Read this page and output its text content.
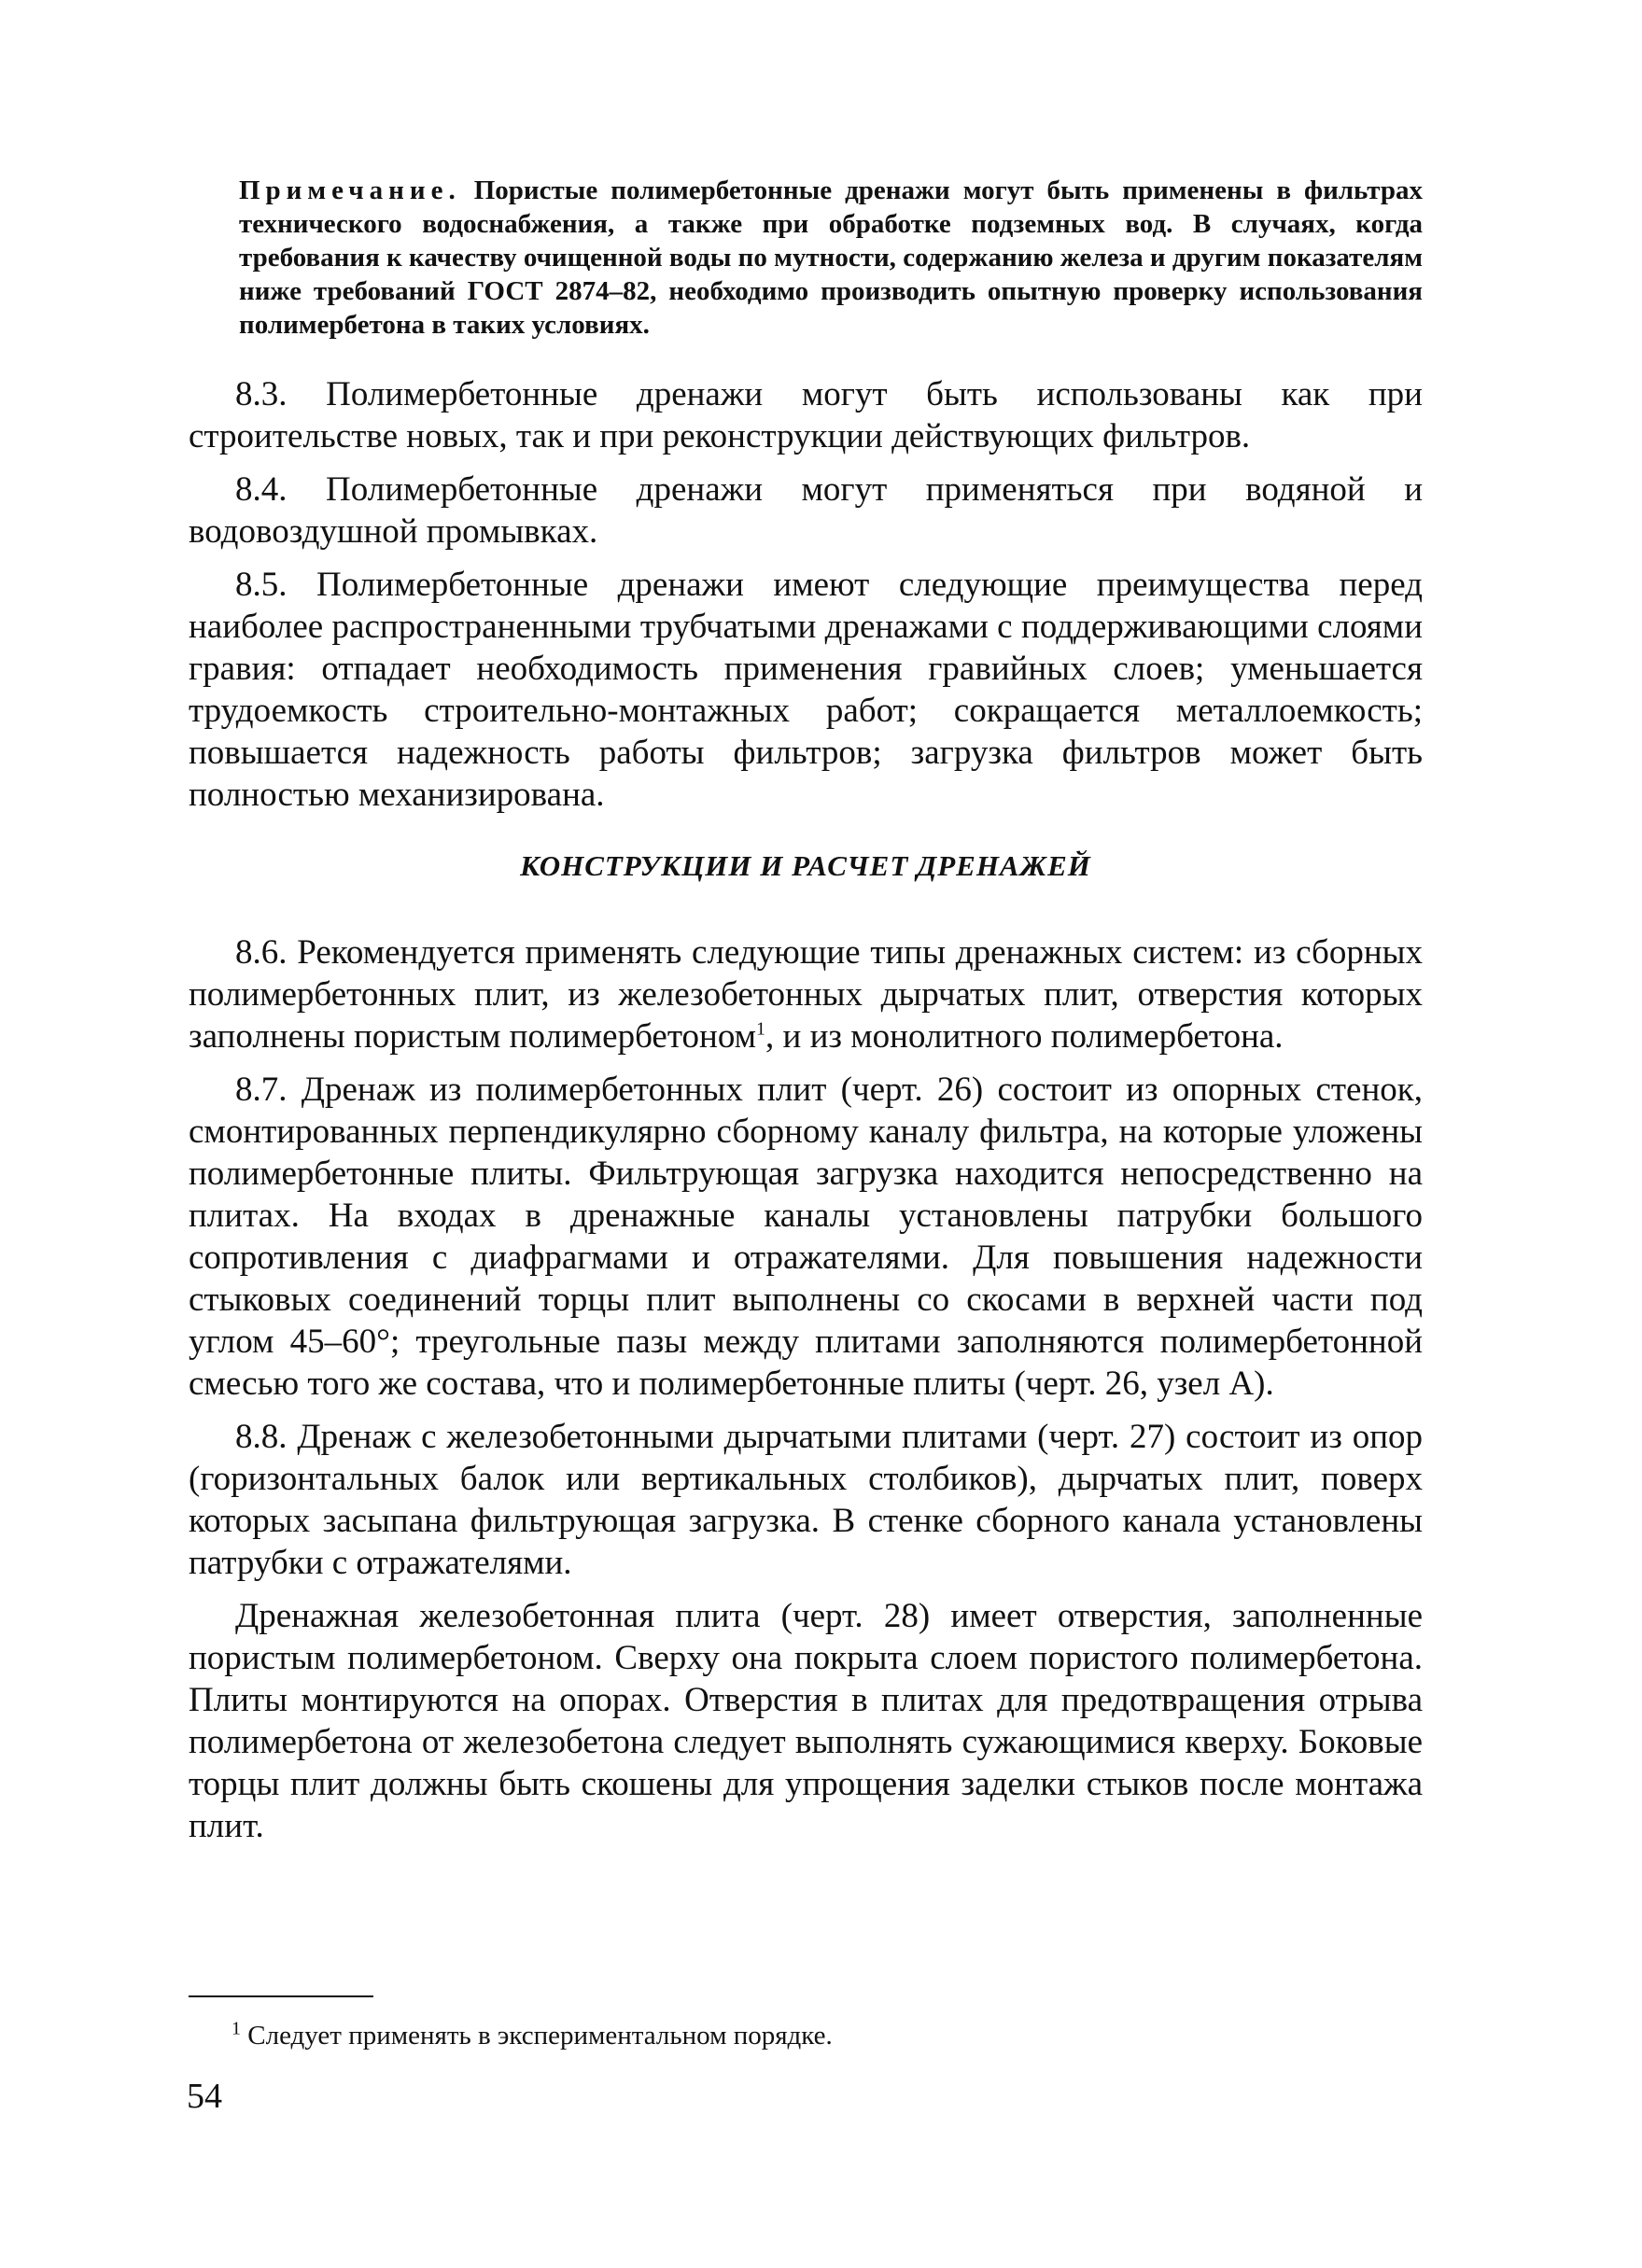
Примечание. Пористые полимербетонные дренажи могут быть применены в фильтрах технического водоснабжения, а также при обработке подземных вод. В случаях, когда требования к качеству очищенной воды по мутности, содержанию железа и другим показателям ниже требований ГОСТ 2874–82, необходимо производить опытную проверку использования полимербетона в таких условиях.

8.3. Полимербетонные дренажи могут быть использованы как при строительстве новых, так и при реконструкции действующих фильтров.

8.4. Полимербетонные дренажи могут применяться при водяной и водовоздушной промывках.

8.5. Полимербетонные дренажи имеют следующие преимущества перед наиболее распространенными трубчатыми дренажами с поддерживающими слоями гравия: отпадает необходимость применения гравийных слоев; уменьшается трудоемкость строительно-монтажных работ; сокращается металлоемкость; повышается надежность работы фильтров; загрузка фильтров может быть полностью механизирована.

КОНСТРУКЦИИ И РАСЧЕТ ДРЕНАЖЕЙ

8.6. Рекомендуется применять следующие типы дренажных систем: из сборных полимербетонных плит, из железобетонных дырчатых плит, отверстия которых заполнены пористым полимербетоном$^1$, и из монолитного полимербетона.

8.7. Дренаж из полимербетонных плит (черт. 26) состоит из опорных стенок, смонтированных перпендикулярно сборному каналу фильтра, на которые уложены полимербетонные плиты. Фильтрующая загрузка находится непосредственно на плитах. На входах в дренажные каналы установлены патрубки большого сопротивления с диафрагмами и отражателями. Для повышения надежности стыковых соединений торцы плит выполнены со скосами в верхней части под углом 45–60°; треугольные пазы между плитами заполняются полимербетонной смесью того же состава, что и полимербетонные плиты (черт. 26, узел А).

8.8. Дренаж с железобетонными дырчатыми плитами (черт. 27) состоит из опор (горизонтальных балок или вертикальных столбиков), дырчатых плит, поверх которых засыпана фильтрующая загрузка. В стенке сборного канала установлены патрубки с отражателями.

Дренажная железобетонная плита (черт. 28) имеет отверстия, заполненные пористым полимербетоном. Сверху она покрыта слоем пористого полимербетона. Плиты монтируются на опорах. Отверстия в плитах для предотвращения отрыва полимербетона от железобетона следует выполнять сужающимися кверху. Боковые торцы плит должны быть скошены для упрощения заделки стыков после монтажа плит.

$^1$ Следует применять в экспериментальном порядке.
54
